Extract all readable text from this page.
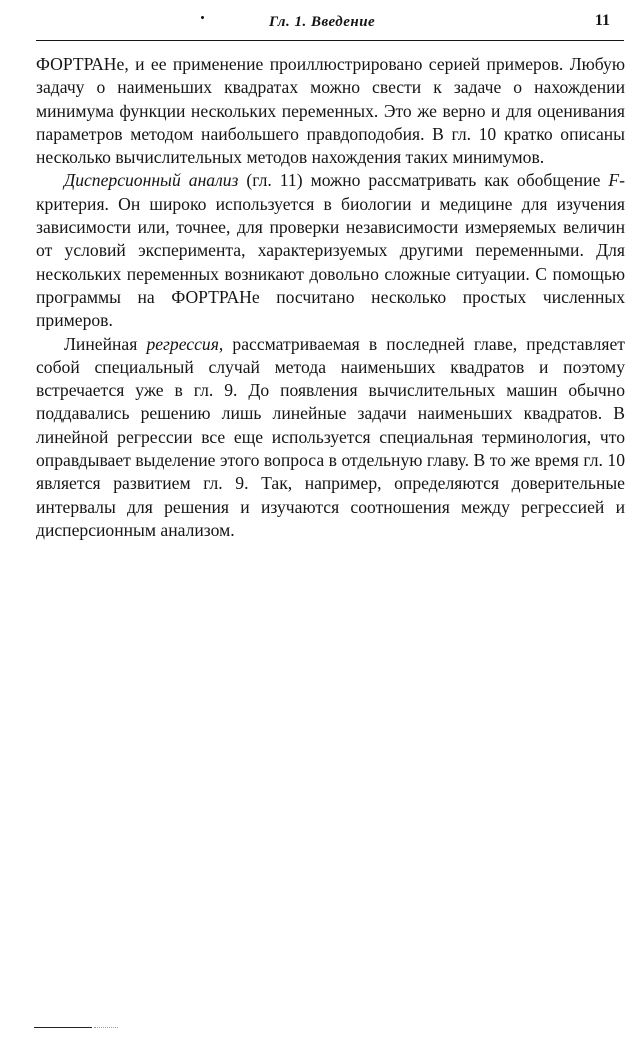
Гл. 1. Введение	11

ФОРТРАНе, и ее применение проиллюстрировано серией примеров. Любую задачу о наименьших квадратах можно свести к задаче о нахождении минимума функции нескольких переменных. Это же верно и для оценивания параметров методом наибольшего правдоподобия. В гл. 10 кратко описаны несколько вычислительных методов нахождения таких минимумов.

Дисперсионный анализ (гл. 11) можно рассматривать как обобщение F-критерия. Он широко используется в биологии и медицине для изучения зависимости или, точнее, для проверки независимости измеряемых величин от условий эксперимента, характеризуемых другими переменными. Для нескольких переменных возникают довольно сложные ситуации. С помощью программы на ФОРТРАНе посчитано несколько простых численных примеров.

Линейная регрессия, рассматриваемая в последней главе, представляет собой специальный случай метода наименьших квадратов и поэтому встречается уже в гл. 9. До появления вычислительных машин обычно поддавались решению лишь линейные задачи наименьших квадратов. В линейной регрессии все еще используется специальная терминология, что оправдывает выделение этого вопроса в отдельную главу. В то же время гл. 10 является развитием гл. 9. Так, например, определяются доверительные интервалы для решения и изучаются соотношения между регрессией и дисперсионным анализом.
